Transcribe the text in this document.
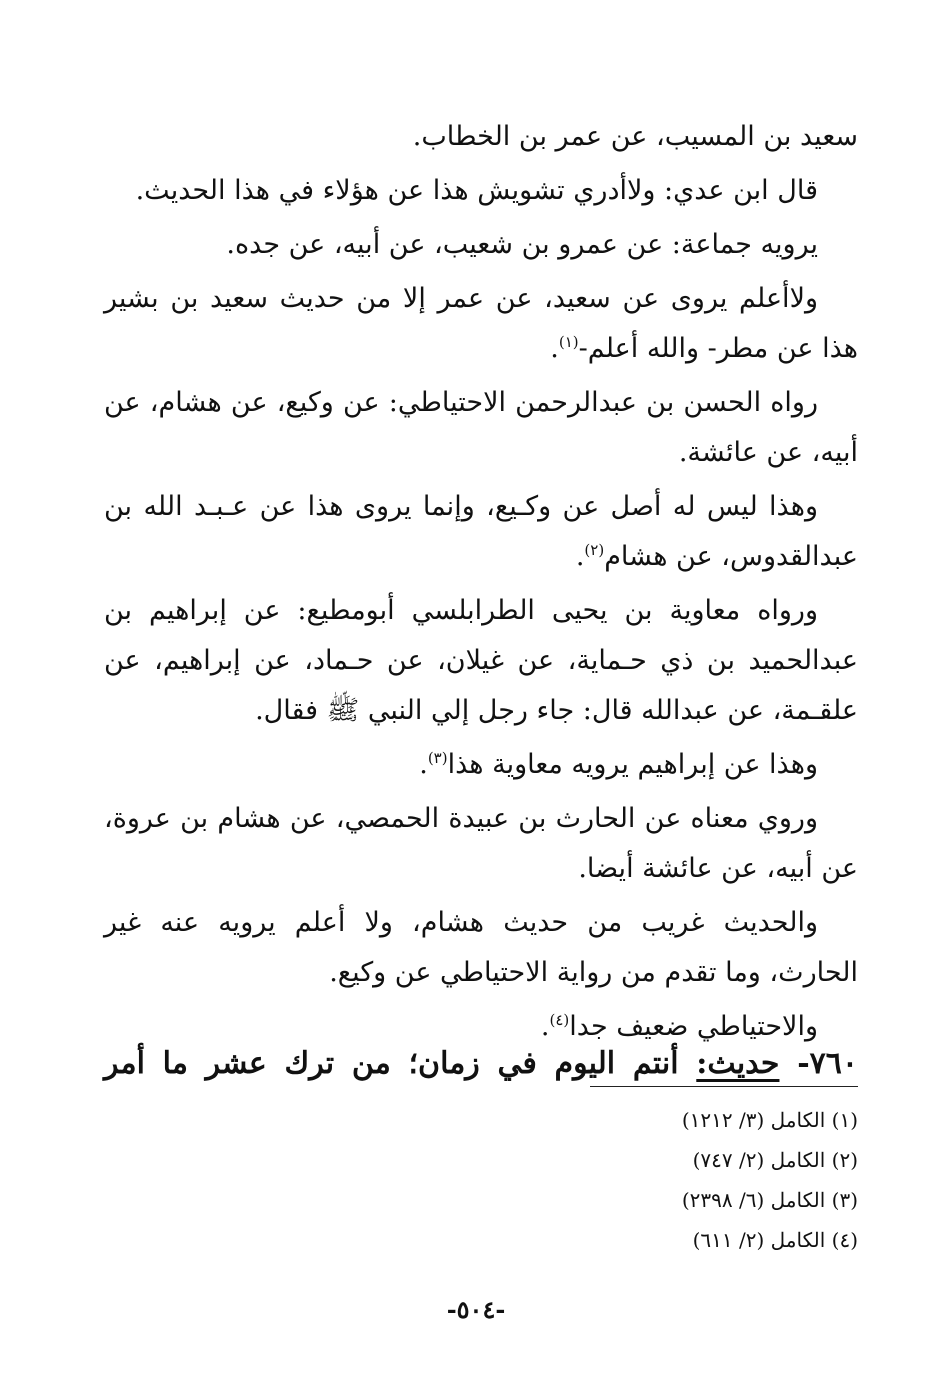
سعيد بن المسيب، عن عمر بن الخطاب.

قال ابن عدي: ولاأدري تشويش هذا عن هؤلاء في هذا الحديث.

يرويه جماعة: عن عمرو بن شعيب، عن أبيه، عن جده.

ولاأعلم يروى عن سعيد، عن عمر إلا من حديث سعيد بن بشير هذا عن مطر- والله أعلم-$^{(١)}$.

رواه الحسن بن عبدالرحمن الاحتياطي: عن وكيع، عن هشام، عن أبيه، عن عائشة.

وهذا ليس له أصل عن وكـيع، وإنما يروى هذا عن عـبـد الله بن عبدالقدوس، عن هشام$^{(٢)}$.

ورواه معاوية بن يحيى الطرابلسي أبومطيع: عن إبراهيم بن عبدالحميد بن ذي حـماية، عن غيلان، عن حـماد، عن إبراهيم، عن علقـمة، عن عبدالله قال: جاء رجل إلي النبي ﷺ فقال.

وهذا عن إبراهيم يرويه معاوية هذا$^{(٣)}$.

وروي معناه عن الحارث بن عبيدة الحمصي، عن هشام بن عروة، عن أبيه، عن عائشة أيضا.

والحديث غريب من حديث هشام، ولا أعلم يرويه عنه غير الحارث، وما تقدم من رواية الاحتياطي عن وكيع.

والاحتياطي ضعيف جدا$^{(٤)}$.

٧٦٠- حديث: أنتم اليوم في زمان؛ من ترك عشر ما أمر
(١) الكامل (٣/ ١٢١٢)
(٢) الكامل (٢/ ٧٤٧)
(٣) الكامل (٦/ ٢٣٩٨)
(٤) الكامل (٢/ ٦١١)
-٥٠٤-
